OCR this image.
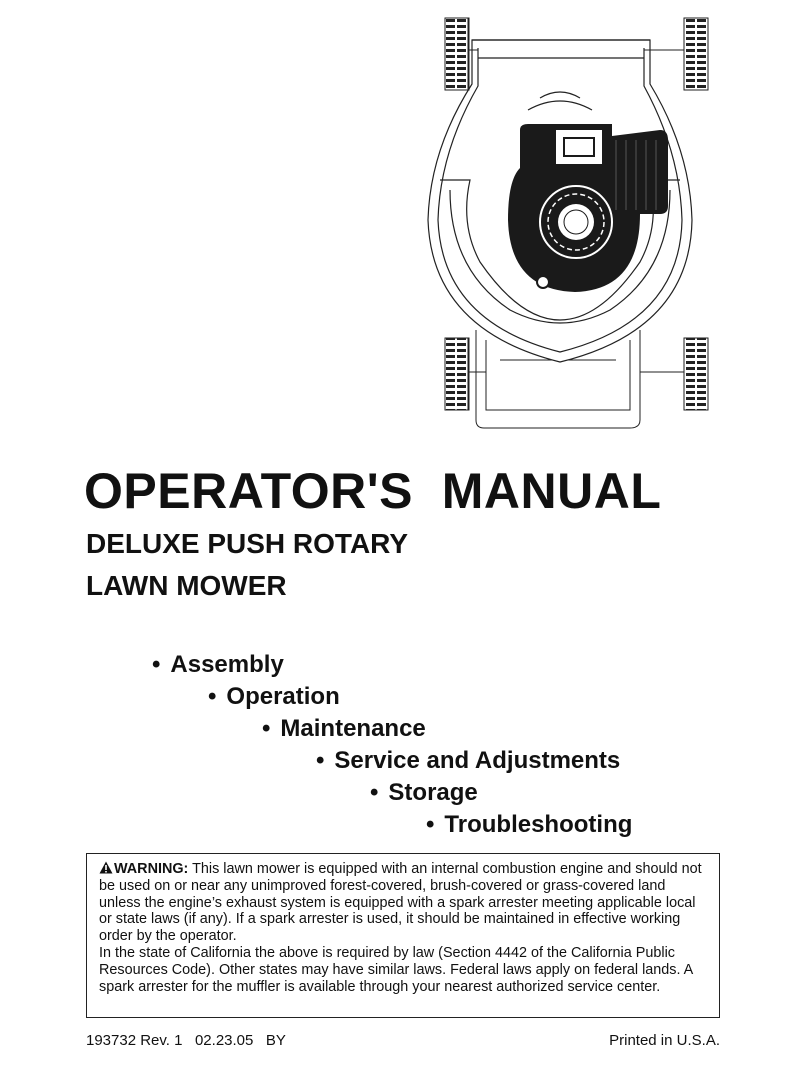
OPERATOR'S  MANUAL
DELUXE PUSH ROTARY
LAWN MOWER

• Assembly

• Operation

• Maintenance

• Service and Adjustments

• Storage

• Troubleshooting

WARNING: This lawn mower is equipped with an internal combustion engine and should not be used on or near any unimproved forest-covered, brush-covered or grass-covered land unless the engine’s exhaust system is equipped with a spark arrester meeting applicable local or state laws (if any). If a spark arrester is used, it should be maintained in effective working order by the operator.

In the state of California the above is required by law (Section 4442 of the California Public Resources Code). Other states may have similar laws. Federal laws apply on federal lands. A spark arrester for the muffler is available through your nearest authorized service center.

193732 Rev. 1   02.23.05   BY	Printed in U.S.A.
